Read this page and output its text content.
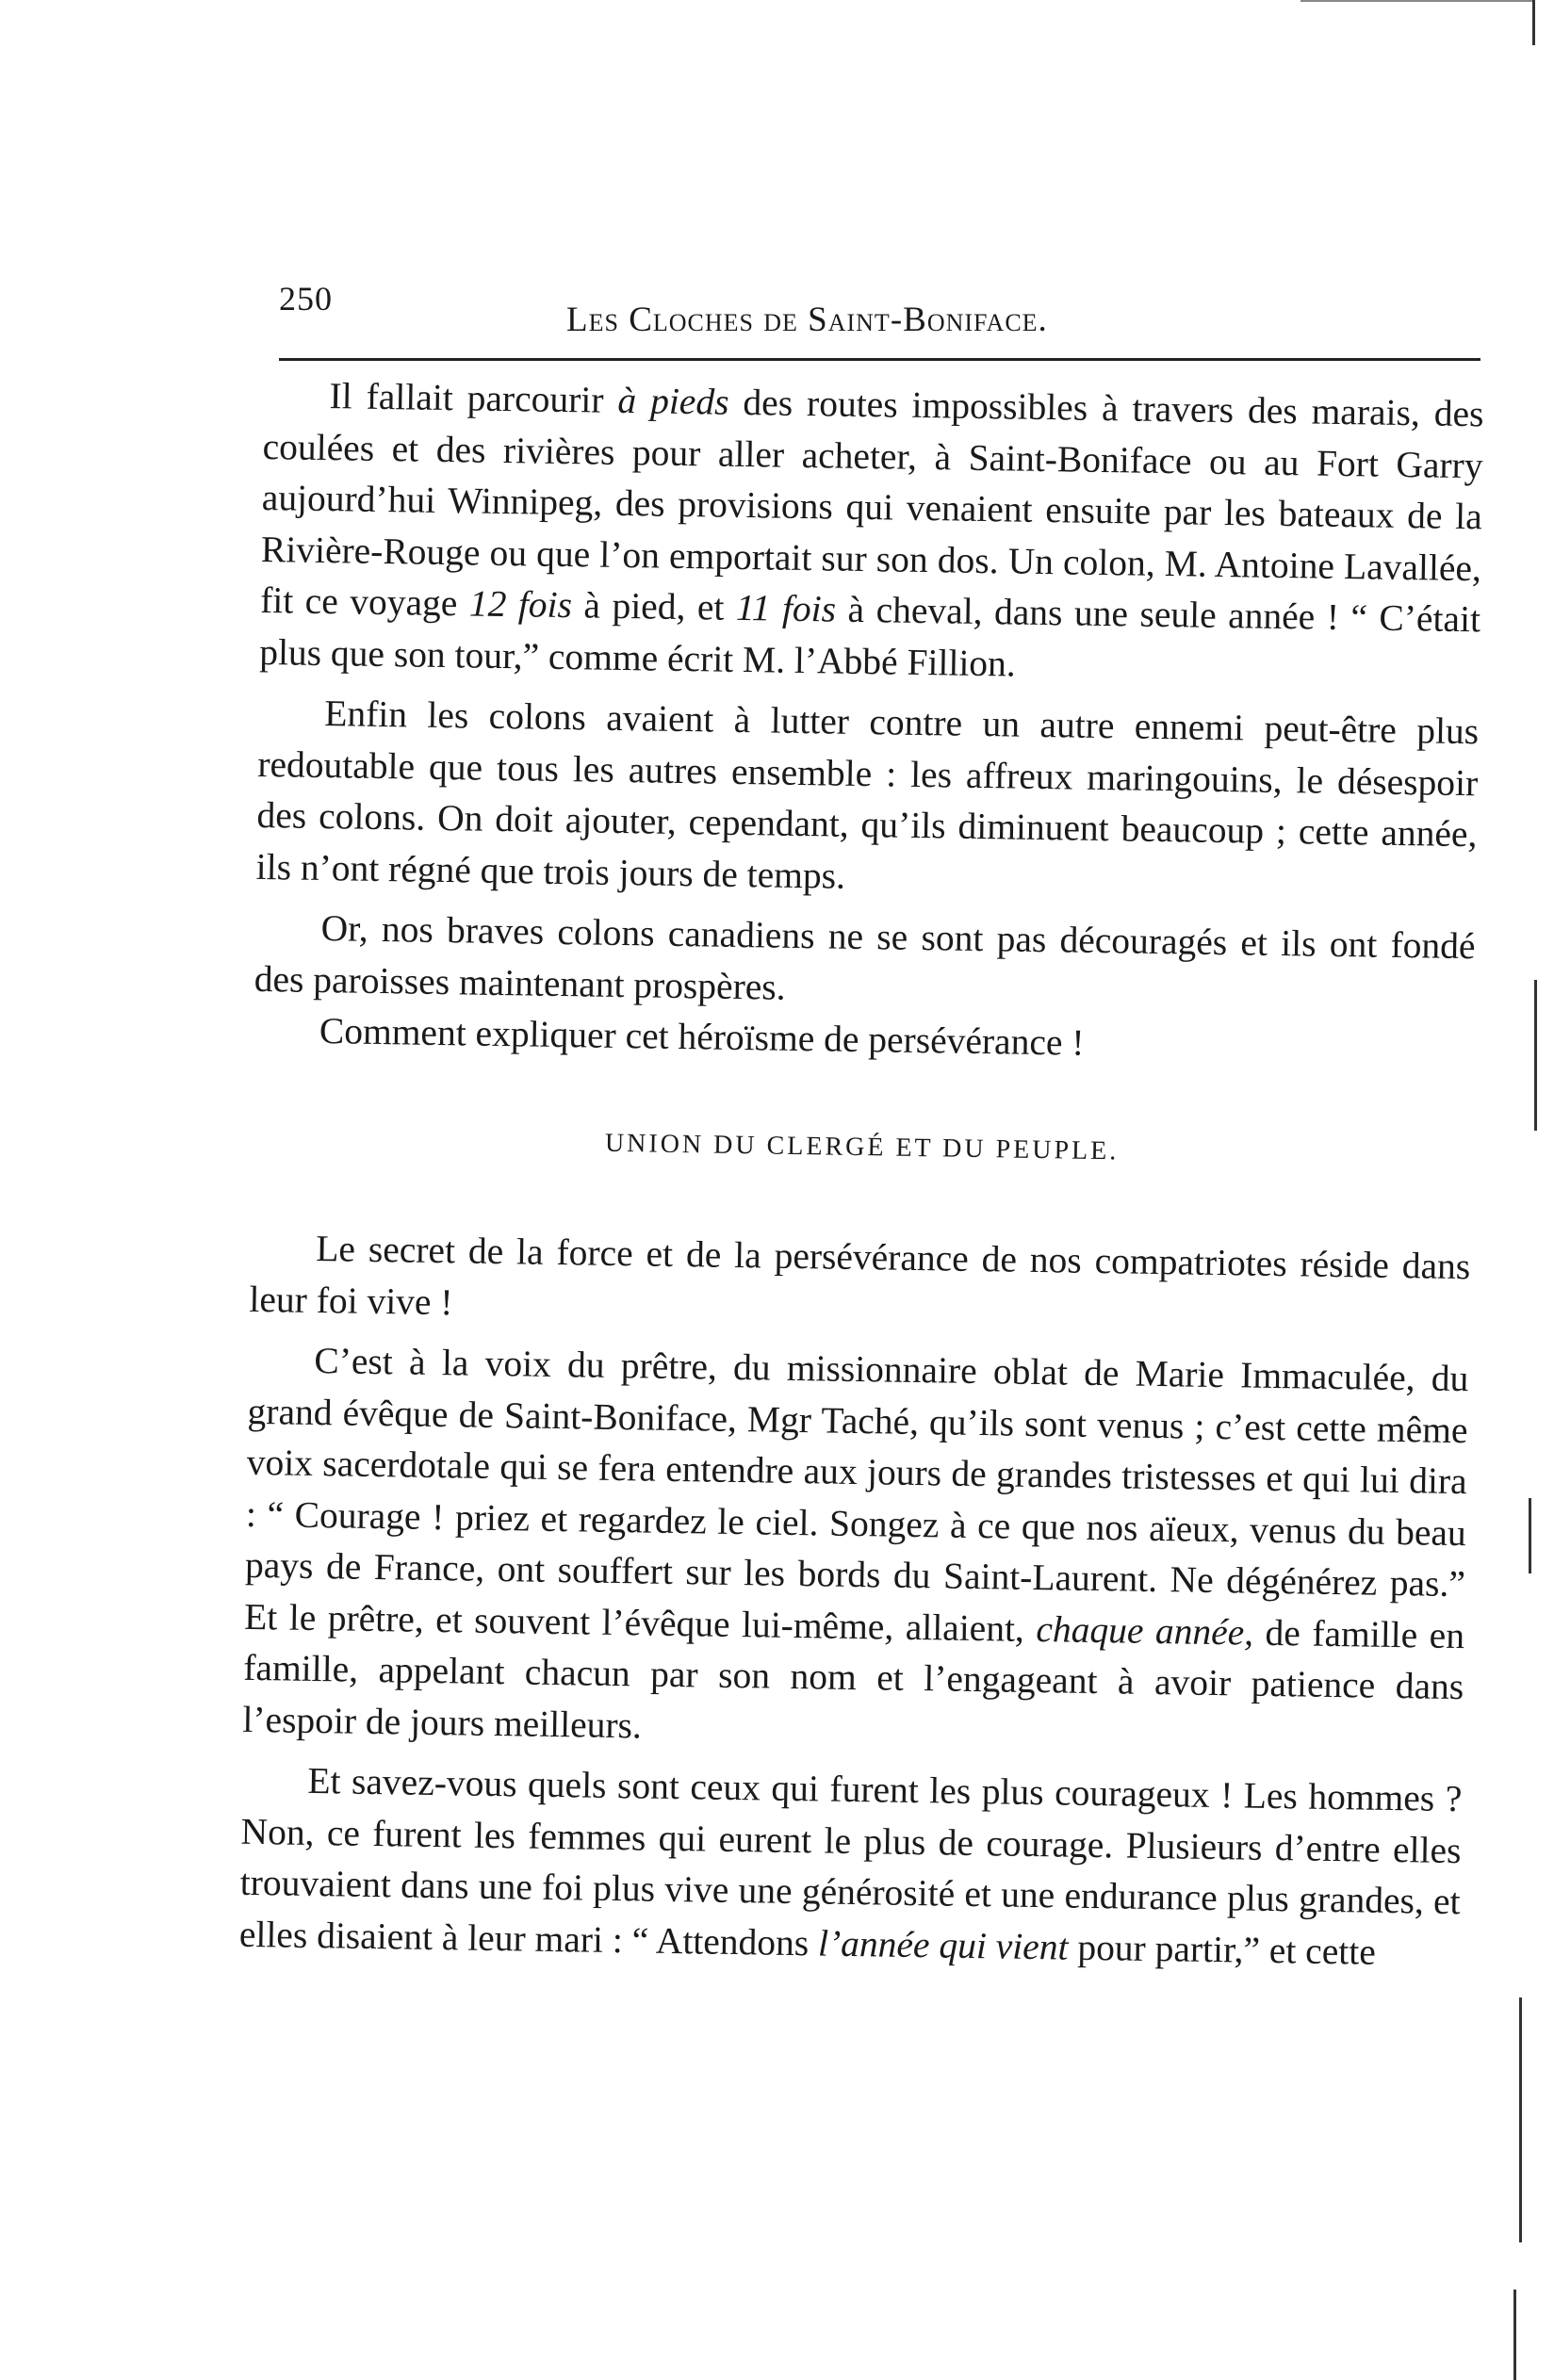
250
Les Cloches de Saint-Boniface.

Il fallait parcourir à pieds des routes impossibles à travers des marais, des coulées et des rivières pour aller acheter, à Saint-Boniface ou au Fort Garry aujourd’hui Winnipeg, des provisions qui venaient ensuite par les bateaux de la Rivière-Rouge ou que l’on emportait sur son dos. Un colon, M. Antoine Lavallée, fit ce voyage 12 fois à pied, et 11 fois à cheval, dans une seule année ! “ C’était plus que son tour,” comme écrit M. l’Abbé Fillion.

Enfin les colons avaient à lutter contre un autre ennemi peut-être plus redoutable que tous les autres ensemble : les affreux maringouins, le désespoir des colons. On doit ajouter, cependant, qu’ils diminuent beaucoup ; cette année, ils n’ont régné que trois jours de temps.

Or, nos braves colons canadiens ne se sont pas découragés et ils ont fondé des paroisses maintenant prospères.

Comment expliquer cet héroïsme de persévérance !

UNION DU CLERGÉ ET DU PEUPLE.

Le secret de la force et de la persévérance de nos compatriotes réside dans leur foi vive !

C’est à la voix du prêtre, du missionnaire oblat de Marie Immaculée, du grand évêque de Saint-Boniface, Mgr Taché, qu’ils sont venus ; c’est cette même voix sacerdotale qui se fera entendre aux jours de grandes tristesses et qui lui dira : “ Courage ! priez et regardez le ciel. Songez à ce que nos aïeux, venus du beau pays de France, ont souffert sur les bords du Saint-Laurent. Ne dégénérez pas.” Et le prêtre, et souvent l’évêque lui-même, allaient, chaque année, de famille en famille, appelant chacun par son nom et l’engageant à avoir patience dans l’espoir de jours meilleurs.

Et savez-vous quels sont ceux qui furent les plus courageux ! Les hommes ? Non, ce furent les femmes qui eurent le plus de courage. Plusieurs d’entre elles trouvaient dans une foi plus vive une générosité et une endurance plus grandes, et elles disaient à leur mari : “ Attendons l’année qui vient pour partir,” et cette
